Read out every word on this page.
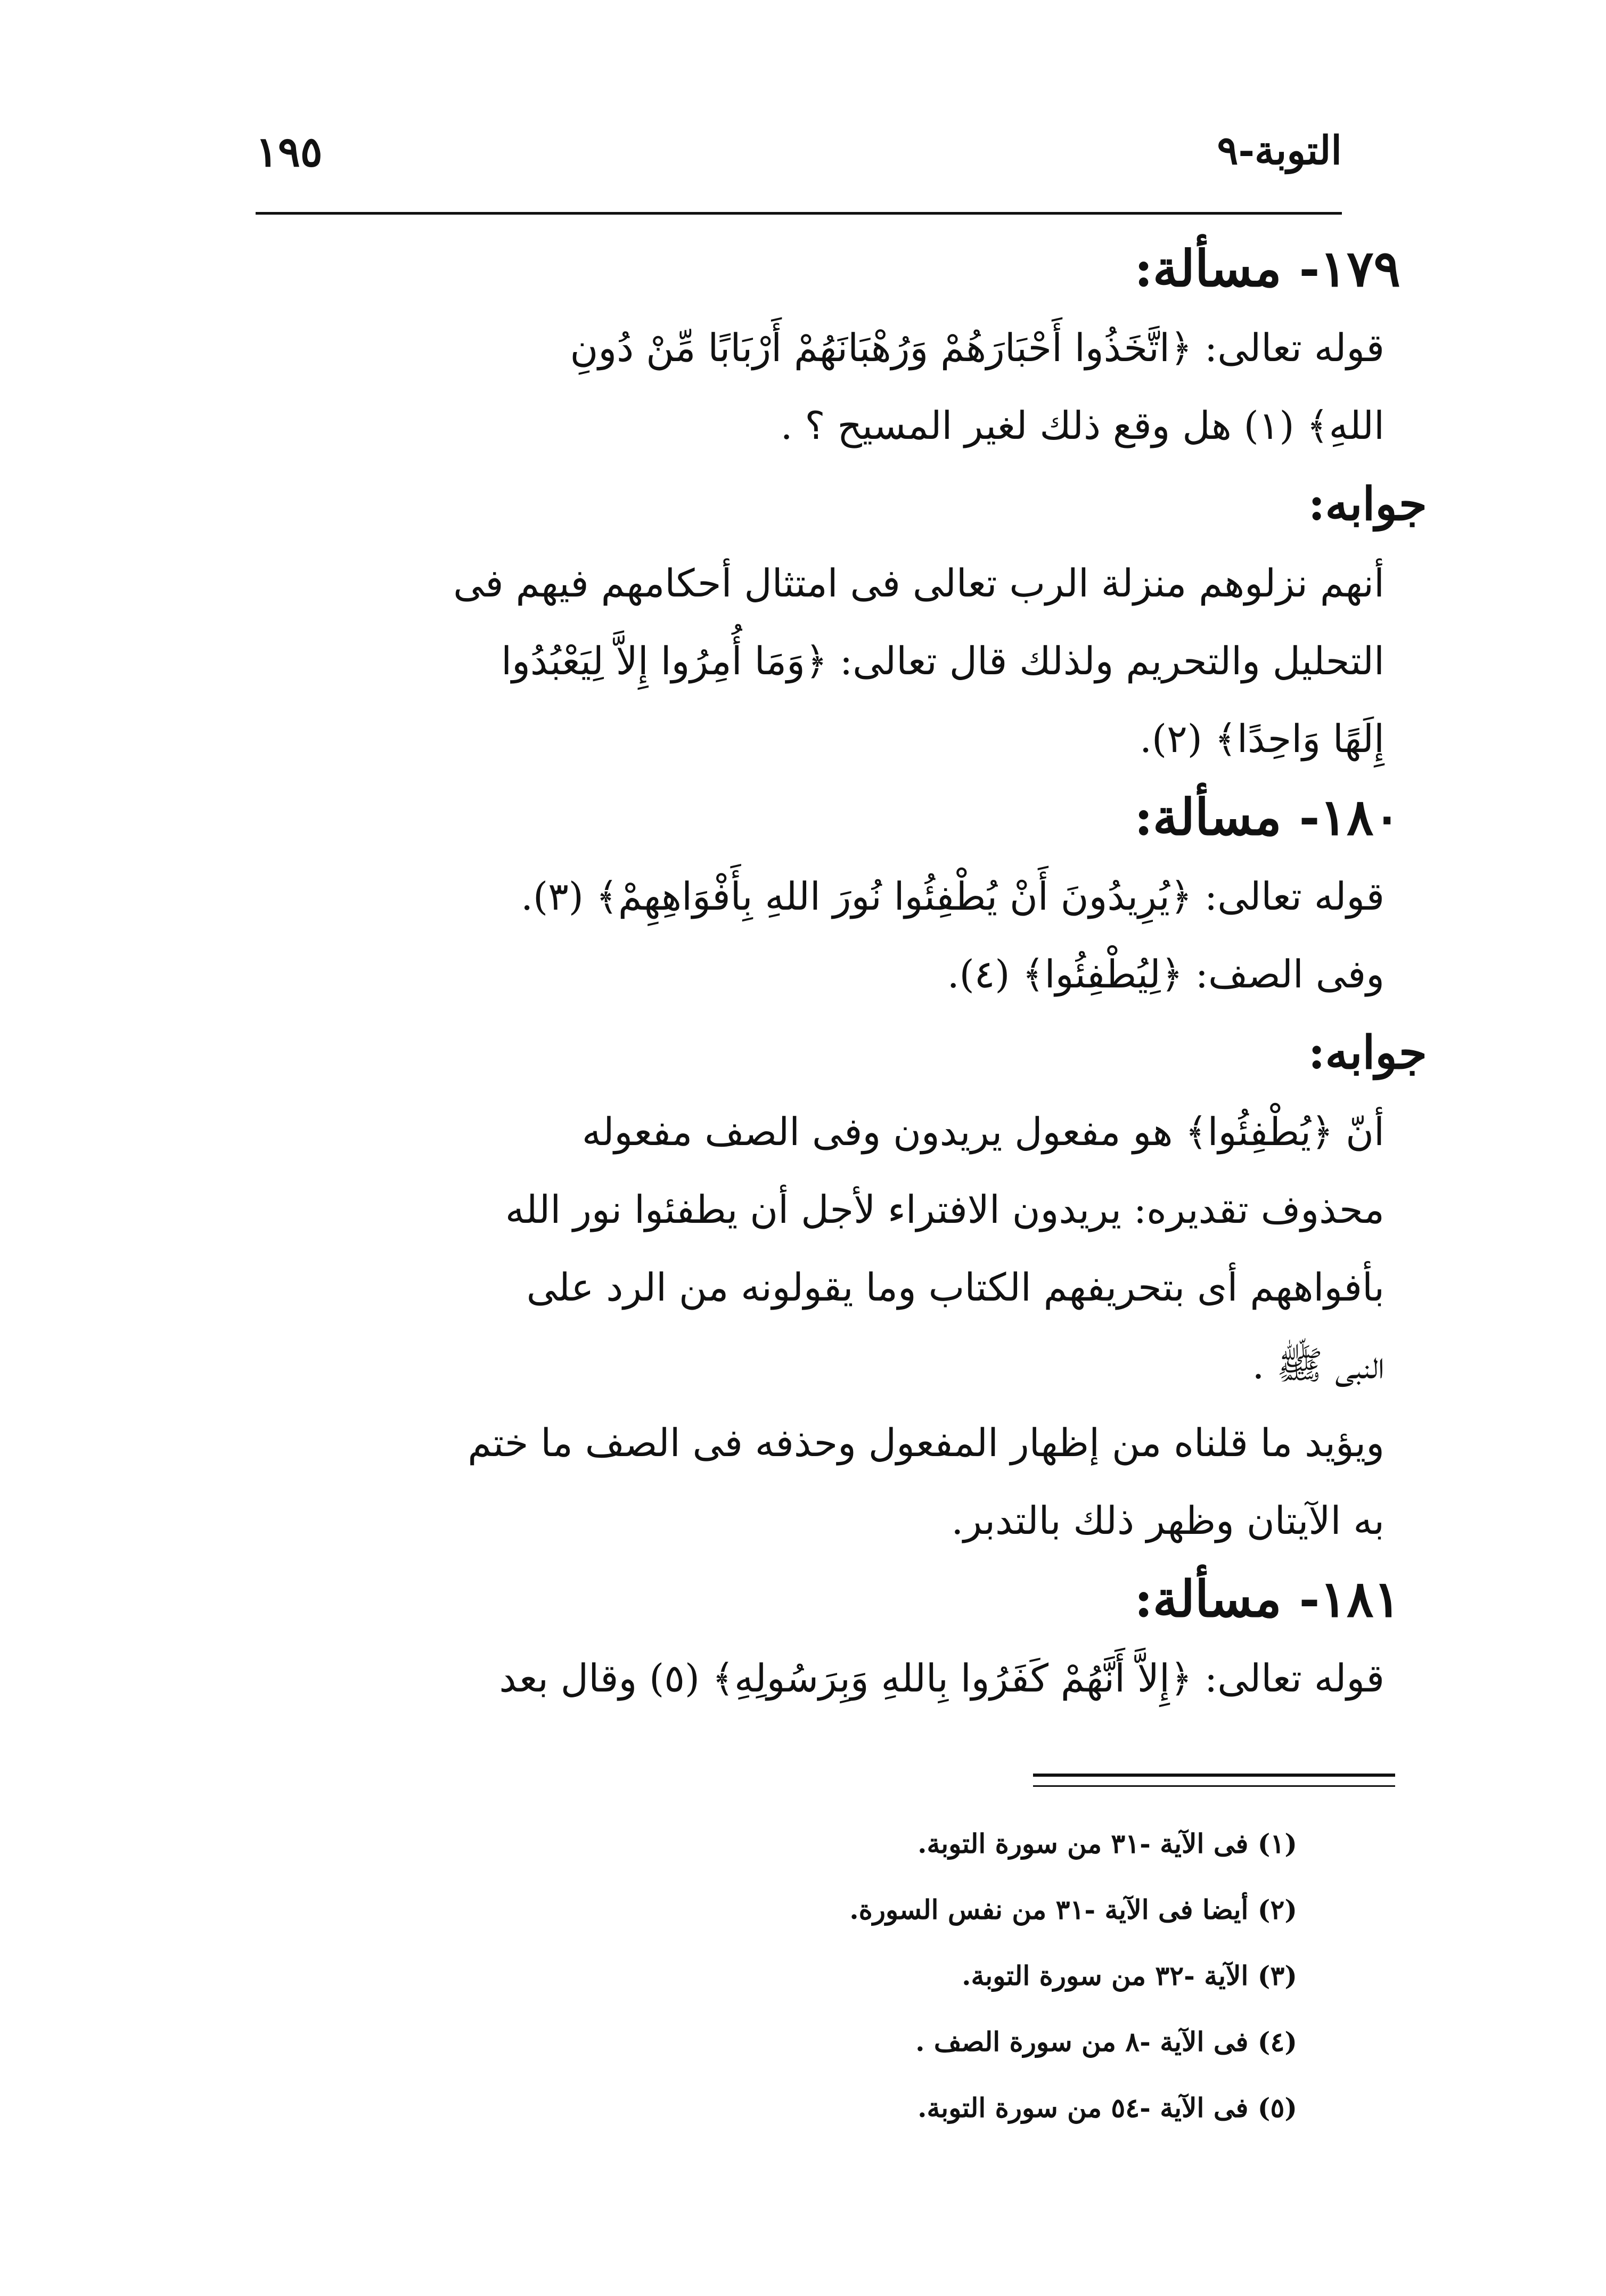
التوبة-٩
١٩٥

١٧٩- مسألة:

قوله تعالى: ﴿اتَّخَذُوا أَحْبَارَهُمْ وَرُهْبَانَهُمْ أَرْبَابًا مِّنْ دُونِ
اللهِ﴾ (١) هل وقع ذلك لغير المسيح ؟ .

جوابه:

أنهم نزلوهم منزلة الرب تعالى فى امتثال أحكامهم فيهم فى
التحليل والتحريم ولذلك قال تعالى: ﴿وَمَا أُمِرُوا إِلاَّ لِيَعْبُدُوا
إِلَهًا وَاحِدًا﴾ (٢).

١٨٠- مسألة:

قوله تعالى: ﴿يُرِيدُونَ أَنْ يُطْفِئُوا نُورَ اللهِ بِأَفْوَاهِهِمْ﴾ (٣).
وفى الصف: ﴿لِيُطْفِئُوا﴾ (٤).

جوابه:

أنّ ﴿يُطْفِئُوا﴾ هو مفعول يريدون وفى الصف مفعوله
محذوف تقديره: يريدون الافتراء لأجل أن يطفئوا نور الله
بأفواههم أى بتحريفهم الكتاب وما يقولونه من الرد على
النبى ﷺ .
ويؤيد ما قلناه من إظهار المفعول وحذفه فى الصف ما ختم
به الآيتان وظهر ذلك بالتدبر.

١٨١- مسألة:

قوله تعالى: ﴿إِلاَّ أَنَّهُمْ كَفَرُوا بِاللهِ وَبِرَسُولِهِ﴾ (٥) وقال بعد

(١) فى الآية -٣١ من سورة التوبة.

(٢) أيضا فى الآية -٣١ من نفس السورة.

(٣) الآية -٣٢ من سورة التوبة.

(٤) فى الآية -٨ من سورة الصف .

(٥) فى الآية -٥٤ من سورة التوبة.
